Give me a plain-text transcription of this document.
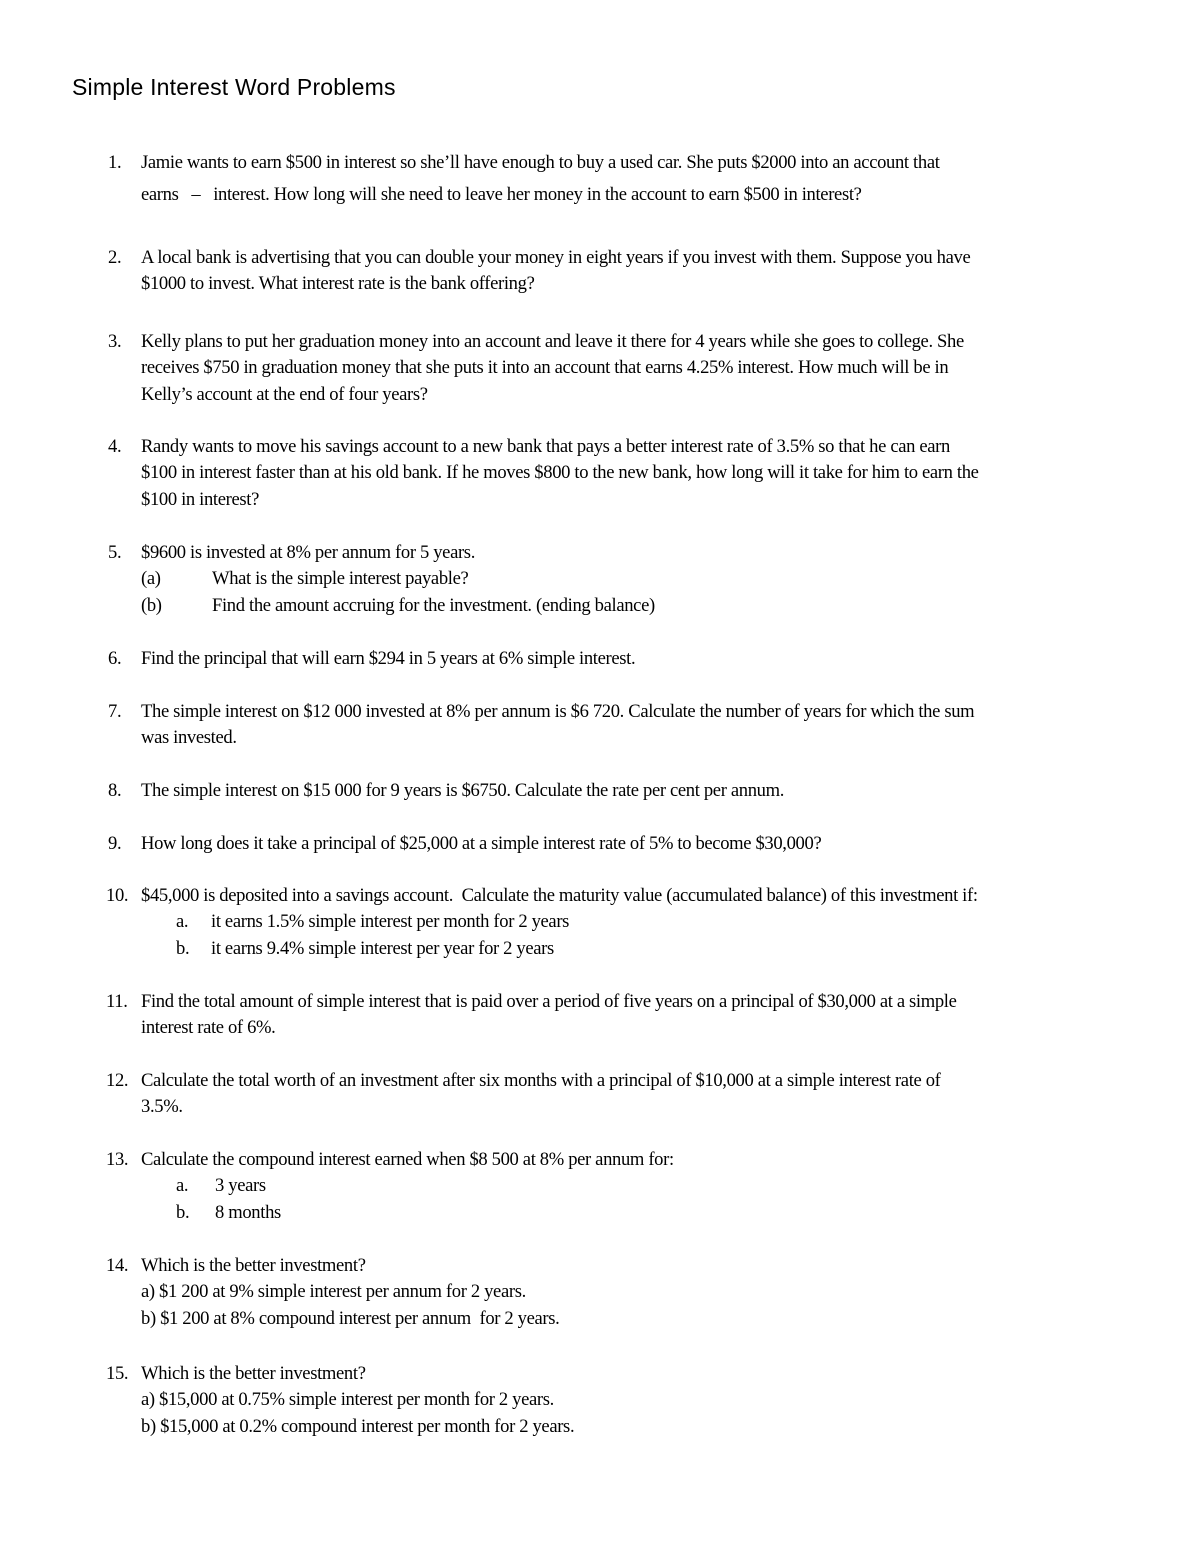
Simple Interest Word Problems
1. Jamie wants to earn $500 in interest so she’ll have enough to buy a used car. She puts $2000 into an account that
earns   –   interest. How long will she need to leave her money in the account to earn $500 in interest?
2. A local bank is advertising that you can double your money in eight years if you invest with them. Suppose you have
$1000 to invest. What interest rate is the bank offering?
3. Kelly plans to put her graduation money into an account and leave it there for 4 years while she goes to college. She
receives $750 in graduation money that she puts it into an account that earns 4.25% interest. How much will be in
Kelly’s account at the end of four years?
4. Randy wants to move his savings account to a new bank that pays a better interest rate of 3.5% so that he can earn
$100 in interest faster than at his old bank. If he moves $800 to the new bank, how long will it take for him to earn the
$100 in interest?
5. $9600 is invested at 8% per annum for 5 years.
(a)	What is the simple interest payable?
(b)	Find the amount accruing for the investment. (ending balance)
6. Find the principal that will earn $294 in 5 years at 6% simple interest.
7. The simple interest on $12 000 invested at 8% per annum is $6 720. Calculate the number of years for which the sum
was invested.
8. The simple interest on $15 000 for 9 years is $6750. Calculate the rate per cent per annum.
9. How long does it take a principal of $25,000 at a simple interest rate of 5% to become $30,000?
10. $45,000 is deposited into a savings account.  Calculate the maturity value (accumulated balance) of this investment if:
a. it earns 1.5% simple interest per month for 2 years
b. it earns 9.4% simple interest per year for 2 years
11. Find the total amount of simple interest that is paid over a period of five years on a principal of $30,000 at a simple
interest rate of 6%.
12. Calculate the total worth of an investment after six months with a principal of $10,000 at a simple interest rate of
3.5%.
13. Calculate the compound interest earned when $8 500 at 8% per annum for:
a. 3 years
b. 8 months
14. Which is the better investment?
a) $1 200 at 9% simple interest per annum for 2 years.
b) $1 200 at 8% compound interest per annum  for 2 years.
15. Which is the better investment?
a) $15,000 at 0.75% simple interest per month for 2 years.
b) $15,000 at 0.2% compound interest per month for 2 years.
